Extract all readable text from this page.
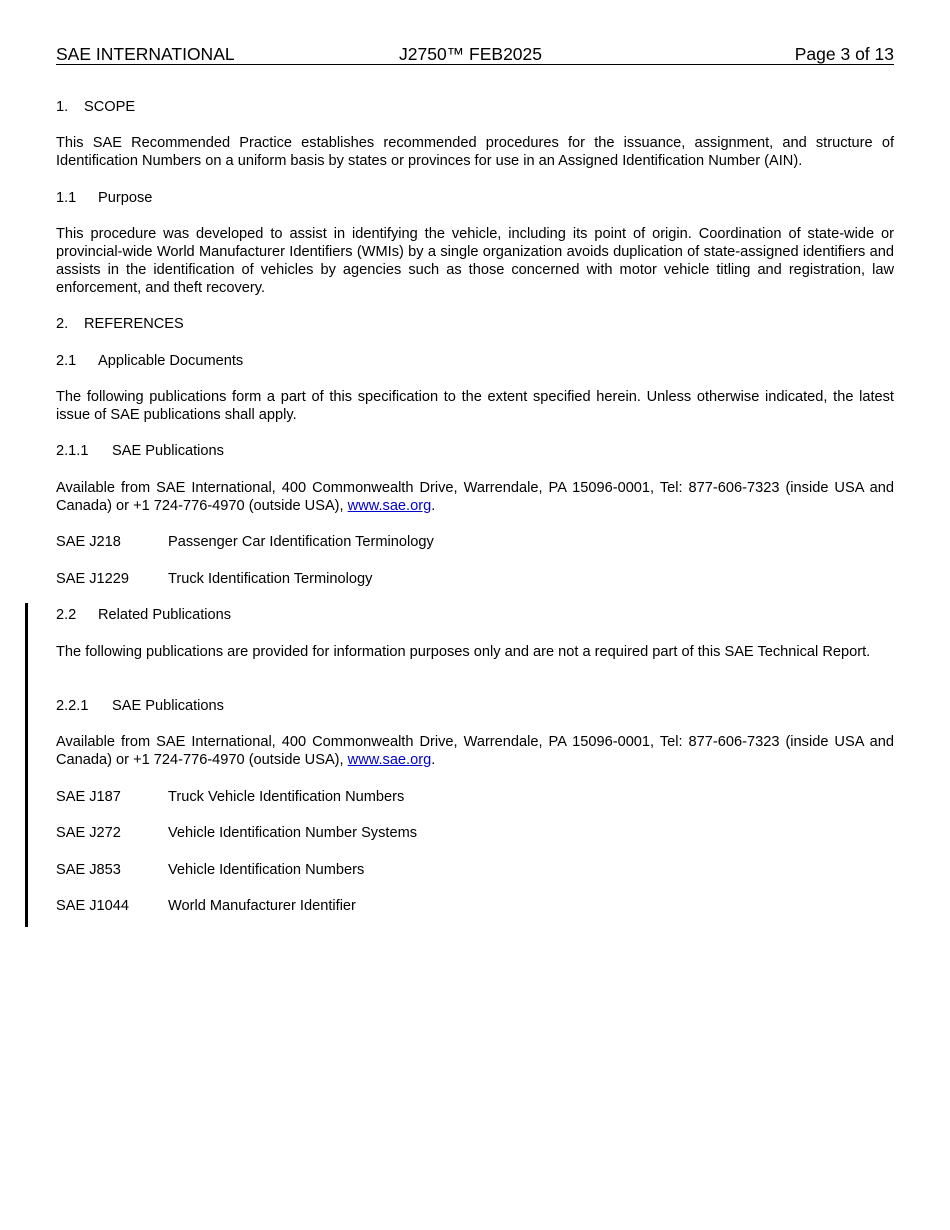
SAE INTERNATIONAL	J2750™ FEB2025	Page 3 of 13
1. SCOPE
This SAE Recommended Practice establishes recommended procedures for the issuance, assignment, and structure of Identification Numbers on a uniform basis by states or provinces for use in an Assigned Identification Number (AIN).
1.1 Purpose
This procedure was developed to assist in identifying the vehicle, including its point of origin. Coordination of state-wide or provincial-wide World Manufacturer Identifiers (WMIs) by a single organization avoids duplication of state-assigned identifiers and assists in the identification of vehicles by agencies such as those concerned with motor vehicle titling and registration, law enforcement, and theft recovery.
2. REFERENCES
2.1 Applicable Documents
The following publications form a part of this specification to the extent specified herein. Unless otherwise indicated, the latest issue of SAE publications shall apply.
2.1.1 SAE Publications
Available from SAE International, 400 Commonwealth Drive, Warrendale, PA 15096-0001, Tel: 877-606-7323 (inside USA and Canada) or +1 724-776-4970 (outside USA), www.sae.org.
SAE J218	Passenger Car Identification Terminology
SAE J1229	Truck Identification Terminology
2.2 Related Publications
The following publications are provided for information purposes only and are not a required part of this SAE Technical Report.
2.2.1 SAE Publications
Available from SAE International, 400 Commonwealth Drive, Warrendale, PA 15096-0001, Tel: 877-606-7323 (inside USA and Canada) or +1 724-776-4970 (outside USA), www.sae.org.
SAE J187	Truck Vehicle Identification Numbers
SAE J272	Vehicle Identification Number Systems
SAE J853	Vehicle Identification Numbers
SAE J1044	World Manufacturer Identifier
